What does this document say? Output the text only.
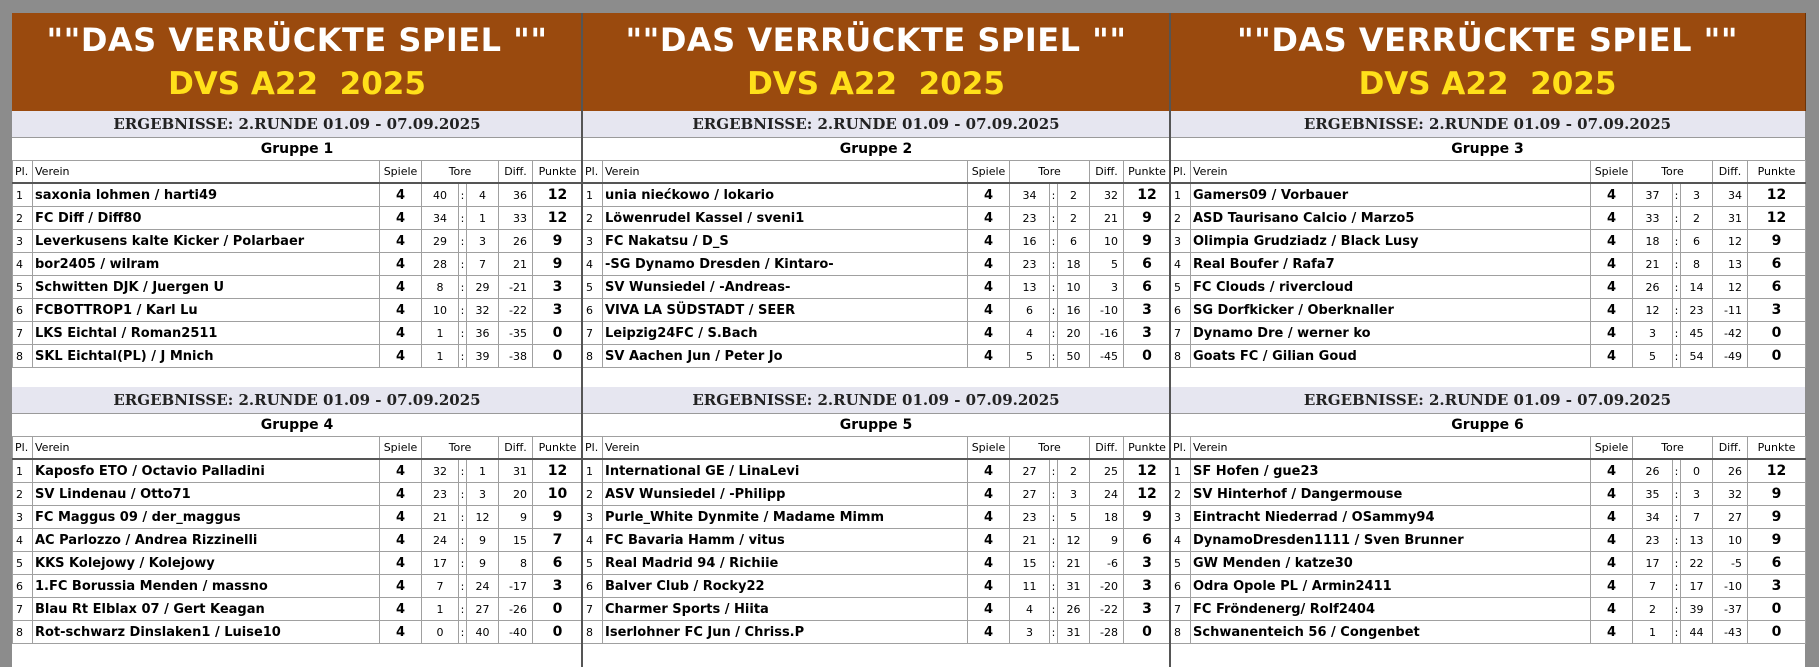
""DAS VERRÜCKTE SPIEL ""
DVS A22  2025
""DAS VERRÜCKTE SPIEL ""
DVS A22  2025
""DAS VERRÜCKTE SPIEL ""
DVS A22  2025
ERGEBNISSE: 2.RUNDE 01.09 - 07.09.2025
Gruppe 1
Pl.	Verein	Spiele	Tore			Diff.	Punkte
1	saxonia lohmen / harti49	4	40	:	4	36	12
2	FC Diff / Diff80	4	34	:	1	33	12
3	Leverkusens kalte Kicker / Polarbaer	4	29	:	3	26	9
4	bor2405 / wilram	4	28	:	7	21	9
5	Schwitten DJK / Juergen U	4	8	:	29	-21	3
6	FCBOTTROP1 / Karl Lu	4	10	:	32	-22	3
7	LKS Eichtal / Roman2511	4	1	:	36	-35	0
8	SKL Eichtal(PL) / J Mnich	4	1	:	39	-38	0
ERGEBNISSE: 2.RUNDE 01.09 - 07.09.2025
Gruppe 2
Pl.	Verein	Spiele	Tore			Diff.	Punkte
1	unia niećkowo / lokario	4	34	:	2	32	12
2	Löwenrudel Kassel / sveni1	4	23	:	2	21	9
3	FC Nakatsu / D_S	4	16	:	6	10	9
4	-SG Dynamo Dresden / Kintaro-	4	23	:	18	5	6
5	SV Wunsiedel / -Andreas-	4	13	:	10	3	6
6	VIVA LA SÜDSTADT / SEER	4	6	:	16	-10	3
7	Leipzig24FC / S.Bach	4	4	:	20	-16	3
8	SV Aachen Jun / Peter Jo	4	5	:	50	-45	0
ERGEBNISSE: 2.RUNDE 01.09 - 07.09.2025
Gruppe 3
Pl.	Verein	Spiele	Tore			Diff.	Punkte
1	Gamers09 / Vorbauer	4	37	:	3	34	12
2	ASD Taurisano Calcio / Marzo5	4	33	:	2	31	12
3	Olimpia Grudziadz / Black Lusy	4	18	:	6	12	9
4	Real Boufer / Rafa7	4	21	:	8	13	6
5	FC Clouds / rivercloud	4	26	:	14	12	6
6	SG Dorfkicker / Oberknaller	4	12	:	23	-11	3
7	Dynamo Dre / werner ko	4	3	:	45	-42	0
8	Goats FC / Gilian Goud	4	5	:	54	-49	0
ERGEBNISSE: 2.RUNDE 01.09 - 07.09.2025
Gruppe 4
Pl.	Verein	Spiele	Tore			Diff.	Punkte
1	Kaposfo ETO / Octavio Palladini	4	32	:	1	31	12
2	SV Lindenau / Otto71	4	23	:	3	20	10
3	FC Maggus 09 / der_maggus	4	21	:	12	9	9
4	AC Parlozzo / Andrea Rizzinelli	4	24	:	9	15	7
5	KKS Kolejowy / Kolejowy	4	17	:	9	8	6
6	1.FC Borussia Menden / massno	4	7	:	24	-17	3
7	Blau Rt Elblax 07 / Gert Keagan	4	1	:	27	-26	0
8	Rot-schwarz Dinslaken1 / Luise10	4	0	:	40	-40	0
ERGEBNISSE: 2.RUNDE 01.09 - 07.09.2025
Gruppe 5
Pl.	Verein	Spiele	Tore			Diff.	Punkte
1	International GE / LinaLevi	4	27	:	2	25	12
2	ASV Wunsiedel / -Philipp	4	27	:	3	24	12
3	Purle_White Dynmite / Madame Mimm	4	23	:	5	18	9
4	FC Bavaria Hamm / vitus	4	21	:	12	9	6
5	Real Madrid 94 / Richiie	4	15	:	21	-6	3
6	Balver Club / Rocky22	4	11	:	31	-20	3
7	Charmer Sports / Hiita	4	4	:	26	-22	3
8	Iserlohner FC Jun / Chriss.P	4	3	:	31	-28	0
ERGEBNISSE: 2.RUNDE 01.09 - 07.09.2025
Gruppe 6
Pl.	Verein	Spiele	Tore			Diff.	Punkte
1	SF Hofen / gue23	4	26	:	0	26	12
2	SV Hinterhof / Dangermouse	4	35	:	3	32	9
3	Eintracht Niederrad / OSammy94	4	34	:	7	27	9
4	DynamoDresden1111 / Sven Brunner	4	23	:	13	10	9
5	GW Menden / katze30	4	17	:	22	-5	6
6	Odra Opole PL / Armin2411	4	7	:	17	-10	3
7	FC Fröndenerg/ Rolf2404	4	2	:	39	-37	0
8	Schwanenteich 56 / Congenbet	4	1	:	44	-43	0
